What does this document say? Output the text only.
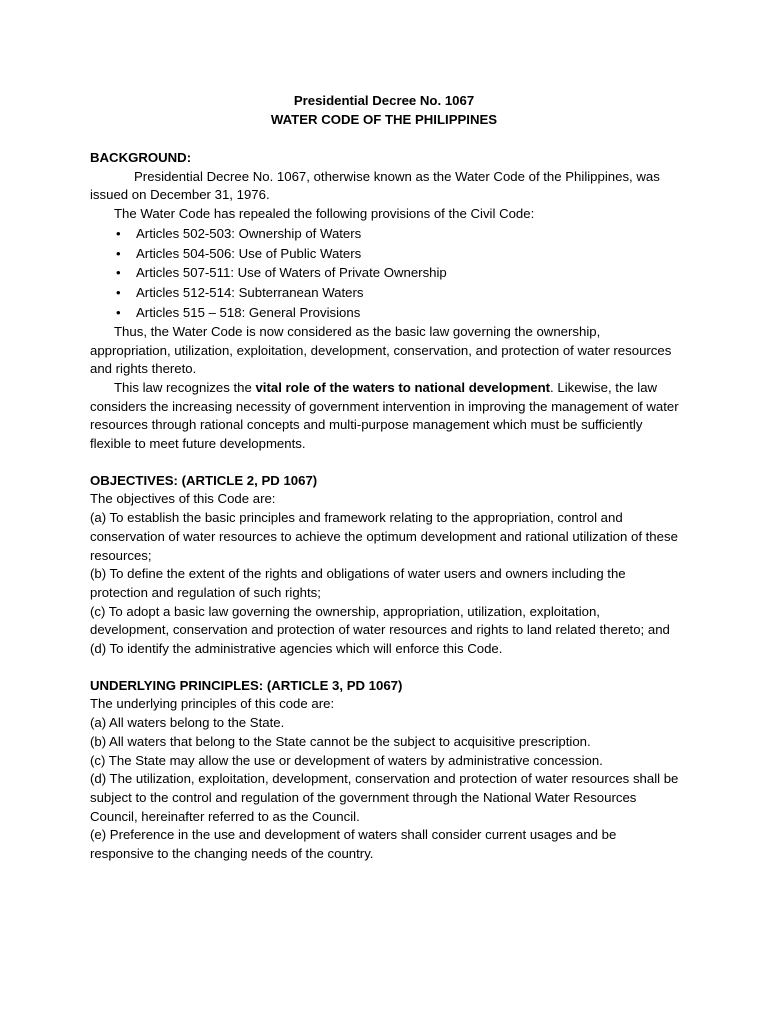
Presidential Decree No. 1067
WATER CODE OF THE PHILIPPINES

BACKGROUND:

Presidential Decree No. 1067, otherwise known as the Water Code of the Philippines, was issued on December 31, 1976.

The Water Code has repealed the following provisions of the Civil Code:

• Articles 502-503: Ownership of Waters
• Articles 504-506: Use of Public Waters
• Articles 507-511: Use of Waters of Private Ownership
• Articles 512-514: Subterranean Waters
• Articles 515 – 518: General Provisions

Thus, the Water Code is now considered as the basic law governing the ownership, appropriation, utilization, exploitation, development, conservation, and protection of water resources and rights thereto.

This law recognizes the vital role of the waters to national development. Likewise, the law considers the increasing necessity of government intervention in improving the management of water resources through rational concepts and multi-purpose management which must be sufficiently flexible to meet future developments.

OBJECTIVES: (ARTICLE 2, PD 1067)

The objectives of this Code are:

(a) To establish the basic principles and framework relating to the appropriation, control and conservation of water resources to achieve the optimum development and rational utilization of these resources;

(b) To define the extent of the rights and obligations of water users and owners including the protection and regulation of such rights;

(c) To adopt a basic law governing the ownership, appropriation, utilization, exploitation, development, conservation and protection of water resources and rights to land related thereto; and

(d) To identify the administrative agencies which will enforce this Code.

UNDERLYING PRINCIPLES: (ARTICLE 3, PD 1067)

The underlying principles of this code are:

(a) All waters belong to the State.

(b) All waters that belong to the State cannot be the subject to acquisitive prescription.

(c) The State may allow the use or development of waters by administrative concession.

(d) The utilization, exploitation, development, conservation and protection of water resources shall be subject to the control and regulation of the government through the National Water Resources Council, hereinafter referred to as the Council.

(e) Preference in the use and development of waters shall consider current usages and be responsive to the changing needs of the country.
